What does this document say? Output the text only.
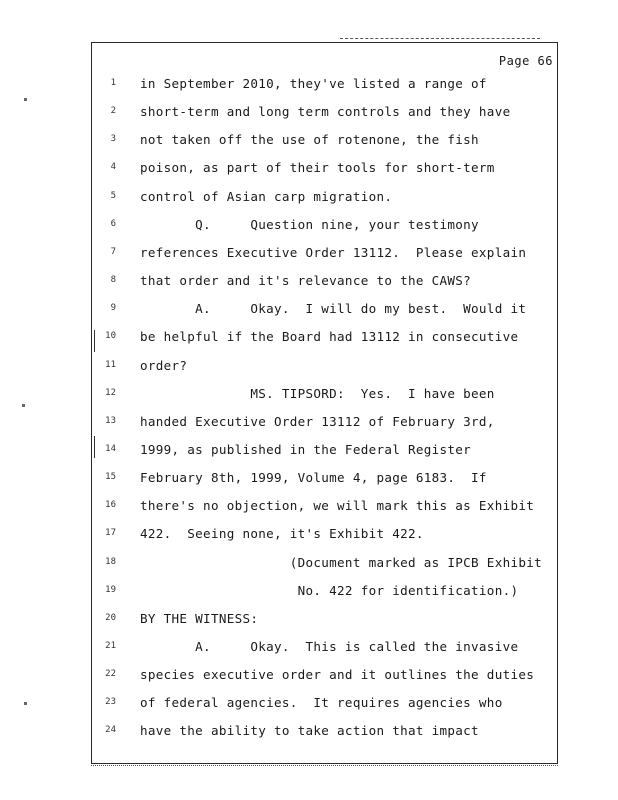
Page 66
1 in September 2010, they've listed a range of
2 short-term and long term controls and they have
3 not taken off the use of rotenone, the fish
4 poison, as part of their tools for short-term
5 control of Asian carp migration.
6 Q.     Question nine, your testimony
7 references Executive Order 13112.  Please explain
8 that order and it's relevance to the CAWS?
9 A.     Okay.  I will do my best.  Would it
10 be helpful if the Board had 13112 in consecutive
11 order?
12 MS. TIPSORD:  Yes.  I have been
13 handed Executive Order 13112 of February 3rd,
14 1999, as published in the Federal Register
15 February 8th, 1999, Volume 4, page 6183.  If
16 there's no objection, we will mark this as Exhibit
17 422.  Seeing none, it's Exhibit 422.
18 (Document marked as IPCB Exhibit
19 No. 422 for identification.)
20 BY THE WITNESS:
21 A.     Okay.  This is called the invasive
22 species executive order and it outlines the duties
23 of federal agencies.  It requires agencies who
24 have the ability to take action that impact
